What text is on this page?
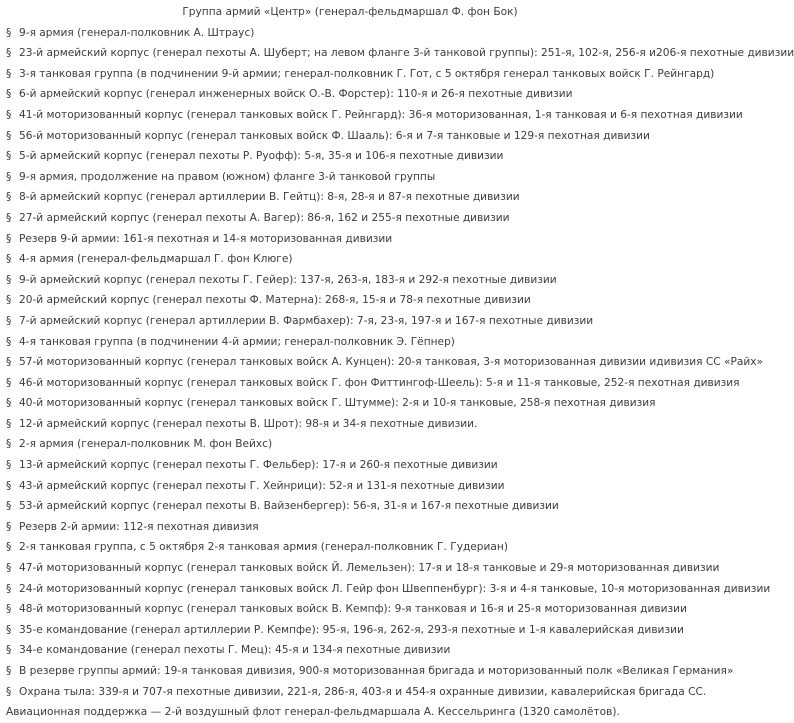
Группа армий «Центр» (генерал-фельдмаршал Ф. фон Бок)
§ 9-я армия (генерал-полковник А. Штраус)
§ 23-й армейский корпус (генерал пехоты А. Шуберт; на левом фланге 3-й танковой группы): 251-я, 102-я, 256-я и206-я пехотные дивизии
§ 3-я танковая группа (в подчинении 9-й армии; генерал-полковник Г. Гот, с 5 октября генерал танковых войск Г. Рейнгард)
§ 6-й армейский корпус (генерал инженерных войск О.-В. Форстер): 110-я и 26-я пехотные дивизии
§ 41-й моторизованный корпус (генерал танковых войск Г. Рейнгард): 36-я моторизованная, 1-я танковая и 6-я пехотная дивизии
§ 56-й моторизованный корпус (генерал танковых войск Ф. Шааль): 6-я и 7-я танковые и 129-я пехотная дивизии
§ 5-й армейский корпус (генерал пехоты Р. Руофф): 5-я, 35-я и 106-я пехотные дивизии
§ 9-я армия, продолжение на правом (южном) фланге 3-й танковой группы
§ 8-й армейский корпус (генерал артиллерии В. Гейтц): 8-я, 28-я и 87-я пехотные дивизии
§ 27-й армейский корпус (генерал пехоты А. Вагер): 86-я, 162 и 255-я пехотные дивизии
§ Резерв 9-й армии: 161-я пехотная и 14-я моторизованная дивизии
§ 4-я армия (генерал-фельдмаршал Г. фон Клюге)
§ 9-й армейский корпус (генерал пехоты Г. Гейер): 137-я, 263-я, 183-я и 292-я пехотные дивизии
§ 20-й армейский корпус (генерал пехоты Ф. Матерна): 268-я, 15-я и 78-я пехотные дивизии
§ 7-й армейский корпус (генерал артиллерии В. Фармбахер): 7-я, 23-я, 197-я и 167-я пехотные дивизии
§ 4-я танковая группа (в подчинении 4-й армии; генерал-полковник Э. Гёпнер)
§ 57-й моторизованный корпус (генерал танковых войск А. Кунцен): 20-я танковая, 3-я моторизованная дивизии идивизия СС «Райх»
§ 46-й моторизованный корпус (генерал танковых войск Г. фон Фиттингоф-Шеель): 5-я и 11-я танковые, 252-я пехотная дивизия
§ 40-й моторизованный корпус (генерал танковых войск Г. Штумме): 2-я и 10-я танковые, 258-я пехотная дивизия
§ 12-й армейский корпус (генерал пехоты В. Шрот): 98-я и 34-я пехотные дивизии.
§ 2-я армия (генерал-полковник М. фон Вейхс)
§ 13-й армейский корпус (генерал пехоты Г. Фельбер): 17-я и 260-я пехотные дивизии
§ 43-й армейский корпус (генерал пехоты Г. Хейнрици): 52-я и 131-я пехотные дивизии
§ 53-й армейский корпус (генерал пехоты В. Вайзенбергер): 56-я, 31-я и 167-я пехотные дивизии
§ Резерв 2-й армии: 112-я пехотная дивизия
§ 2-я танковая группа, с 5 октября 2-я танковая армия (генерал-полковник Г. Гудериан)
§ 47-й моторизованный корпус (генерал танковых войск Й. Лемельзен): 17-я и 18-я танковые и 29-я моторизованная дивизии
§ 24-й моторизованный корпус (генерал танковых войск Л. Гейр фон Швеппенбург): 3-я и 4-я танковые, 10-я моторизованная дивизии
§ 48-й моторизованный корпус (генерал танковых войск В. Кемпф): 9-я танковая и 16-я и 25-я моторизованная дивизии
§ 35-е командование (генерал артиллерии Р. Кемпфе): 95-я, 196-я, 262-я, 293-я пехотные и 1-я кавалерийская дивизии
§ 34-е командование (генерал пехоты Г. Мец): 45-я и 134-я пехотные дивизии
§ В резерве группы армий: 19-я танковая дивизия, 900-я моторизованная бригада и моторизованный полк «Великая Германия»
§ Охрана тыла: 339-я и 707-я пехотные дивизии, 221-я, 286-я, 403-я и 454-я охранные дивизии, кавалерийская бригада СС.
Авиационная поддержка — 2-й воздушный флот генерал-фельдмаршала А. Кессельринга (1320 самолётов).
